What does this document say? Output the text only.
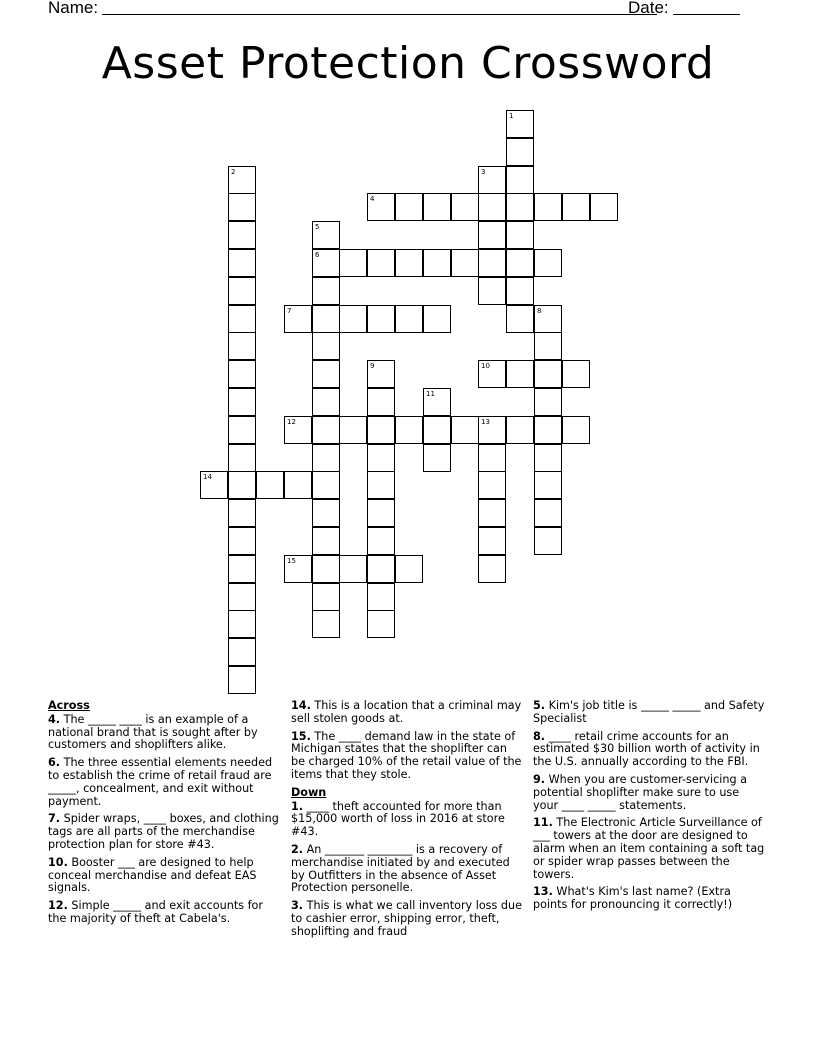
Name:	Date:
Asset Protection Crossword
1
2	3
4
5
6
7	8
9	10
11
12	13
14
15
Across
4. The _____ ____ is an example of a national brand that is sought after by customers and shoplifters alike.
6. The three essential elements needed to establish the crime of retail fraud are _____, concealment, and exit without payment.
7. Spider wraps, ____ boxes, and clothing tags are all parts of the merchandise protection plan for store #43.
10. Booster ___ are designed to help conceal merchandise and defeat EAS signals.
12. Simple _____ and exit accounts for the majority of theft at Cabela's.
14. This is a location that a criminal may sell stolen goods at.
15. The ____ demand law in the state of Michigan states that the shoplifter can be charged 10% of the retail value of the items that they stole.
Down
1. ____ theft accounted for more than $15,000 worth of loss in 2016 at store #43.
2. An _______ ________ is a recovery of merchandise initiated by and executed by Outfitters in the absence of Asset Protection personelle.
3. This is what we call inventory loss due to cashier error, shipping error, theft, shoplifting and fraud
5. Kim's job title is _____ _____ and Safety Specialist
8. ____ retail crime accounts for an estimated $30 billion worth of activity in the U.S. annually according to the FBI.
9. When you are customer-servicing a potential shoplifter make sure to use your ____ _____ statements.
11. The Electronic Article Surveillance of ___ towers at the door are designed to alarm when an item containing a soft tag or spider wrap passes between the towers.
13. What's Kim's last name? (Extra points for pronouncing it correctly!)
